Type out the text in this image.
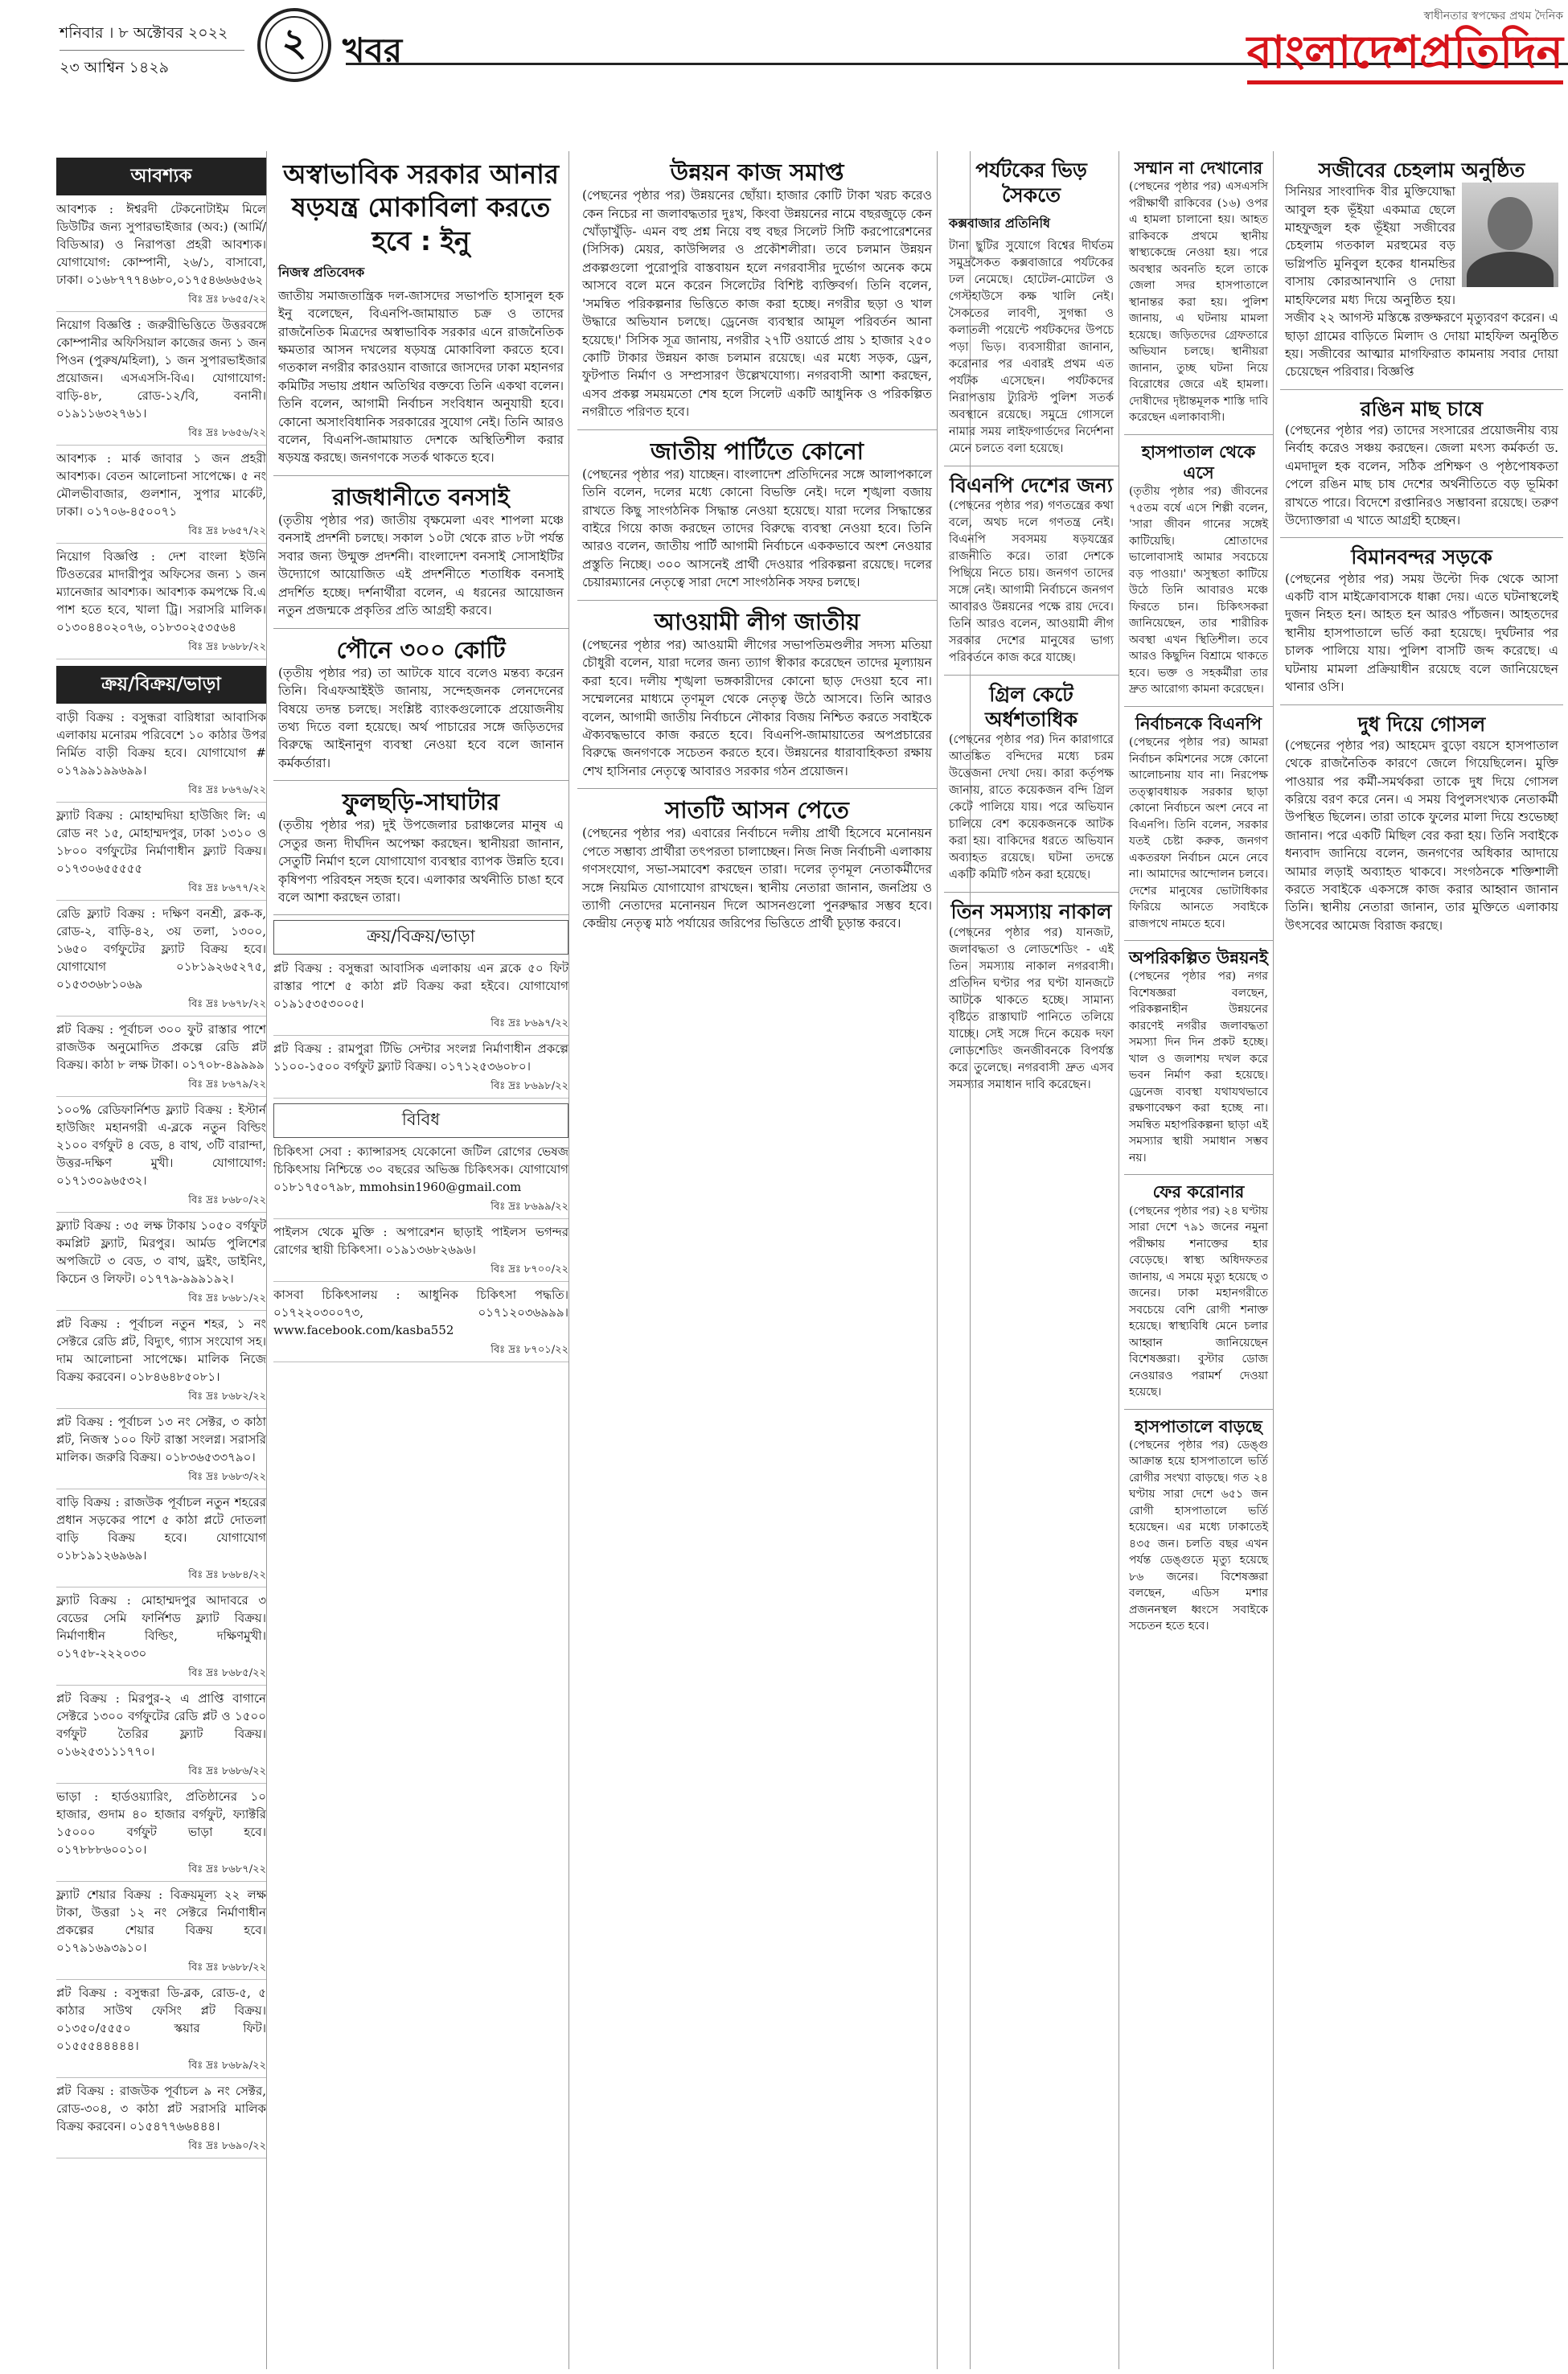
শনিবার । ৮ অক্টোবর ২০২২
২৩ আশ্বিন ১৪২৯
২	খবর
স্বাধীনতার স্বপক্ষের প্রথম দৈনিক
বাংলাদেশপ্রতিদিন
আবশ্যক
আবশ্যক : ঈশ্বরদী টেকনোটাইম মিলে ডিউটির জন্য সুপারভাইজার (অব:) (আর্মি/বিডিআর) ও নিরাপত্তা প্রহরী আবশ্যক। যোগাযোগ: কোম্পানী, ২৬/১, বাসাবো, ঢাকা। ০১৬৮৭৭৭৪৬৮০,০১৭৫৪৬৬৬৫৬২
বিঃ দ্রঃ ৮৬৫৫/২২
নিয়োগ বিজ্ঞপ্তি : জরুরীভিত্তিতে উত্তরবঙ্গে কোম্পানীর অফিসিয়াল কাজের জন্য ১ জন পিওন (পুরুষ/মহিলা), ১ জন সুপারভাইজার প্রয়োজন। এসএসসি-বিএ। যোগাযোগ: বাড়ি-৪৮, রোড-১২/বি, বনানী। ০১৯১১৬৩২৭৬১।
বিঃ দ্রঃ ৮৬৫৬/২২
আবশ্যক : মার্ক জাবার ১ জন প্রহরী আবশ্যক। বেতন আলোচনা সাপেক্ষে। ৫ নং মৌলভীবাজার, গুলশান, সুপার মার্কেট, ঢাকা। ০১৭০৬-৪৫০০৭১
বিঃ দ্রঃ ৮৬৫৭/২২
নিয়োগ বিজ্ঞপ্তি : দেশ বাংলা ইউনি টিওতরের মাদারীপুর অফিসের জন্য ১ জন ম্যানেজার আবশ্যক। আবশ্যক কমপক্ষে বি.এ পাশ হতে হবে, খালা ট্রি। সরাসরি মালিক। ০১৩০৪৪০২০৭৬, ০১৮৩০২৫৩৫৬৪
বিঃ দ্রঃ ৮৬৮৮/২২
ক্রয়/বিক্রয়/ভাড়া
বাড়ী বিক্রয় : বসুন্ধরা বারিধারা আবাসিক এলাকায় মনোরম পরিবেশে ১০ কাঠার উপর নির্মিত বাড়ী বিক্রয় হবে। যোগাযোগ # ০১৭৯৯১৯৯৬৯৯।
বিঃ দ্রঃ ৮৬৭৬/২২
ফ্ল্যাট বিক্রয় : মোহাম্মদিয়া হাউজিং লি: এ রোড নং ১৫, মোহাম্মদপুর, ঢাকা ১৩১০ ও ১৮০০ বর্গফুটের নির্মাণাধীন ফ্ল্যাট বিক্রয়। ০১৭৩০৬৫৫৫৫৫
বিঃ দ্রঃ ৮৬৭৭/২২
রেডি ফ্ল্যাট বিক্রয় : দক্ষিণ বনশ্রী, ব্লক-ক, রোড-২, বাড়ি-৪২, ৩য় তলা, ১৩০০, ১৬৫০ বর্গফুটের ফ্ল্যাট বিক্রয় হবে। যোগাযোগ ০১৮১৯২৬৫২৭৫, ০১৫৩৩৬৮১০৬৯
বিঃ দ্রঃ ৮৬৭৮/২২
প্লট বিক্রয় : পূর্বাচল ৩০০ ফুট রাস্তার পাশে রাজউক অনুমোদিত প্রকল্পে রেডি প্লট বিক্রয়। কাঠা ৮ লক্ষ টাকা। ০১৭০৮-৪৯৯৯৯
বিঃ দ্রঃ ৮৬৭৯/২২
১০০% রেডিফার্নিশড ফ্ল্যাট বিক্রয় : ইস্টার্ন হাউজিং মহানগরী এ-ব্লকে নতুন বিল্ডিং ২১০০ বর্গফুট ৪ বেড, ৪ বাথ, ৩টি বারান্দা, উত্তর-দক্ষিণ মুখী। যোগাযোগ: ০১৭১৩০৯৬৫৩২।
বিঃ দ্রঃ ৮৬৮০/২২
ফ্ল্যাট বিক্রয় : ৩৫ লক্ষ টাকায় ১০৫০ বর্গফুট কমপ্লিট ফ্ল্যাট, মিরপুর। আর্মড পুলিশের অপজিটে ৩ বেড, ৩ বাথ, ড্রইং, ডাইনিং, কিচেন ও লিফট। ০১৭৭৯-৯৯৯১৯২।
বিঃ দ্রঃ ৮৬৮১/২২
প্লট বিক্রয় : পূর্বাচল নতুন শহর, ১ নং সেক্টরে রেডি প্লট, বিদ্যুৎ, গ্যাস সংযোগ সহ। দাম আলোচনা সাপেক্ষে। মালিক নিজে বিক্রয় করবেন। ০১৮৪৬৪৮৫০৮১।
বিঃ দ্রঃ ৮৬৮২/২২
প্লট বিক্রয় : পূর্বাচল ১৩ নং সেক্টর, ৩ কাঠা প্লট, নিজস্ব ১০০ ফিট রাস্তা সংলগ্ন। সরাসরি মালিক। জরুরি বিক্রয়। ০১৮৩৬৫৩৩৭৯০।
বিঃ দ্রঃ ৮৬৮৩/২২
বাড়ি বিক্রয় : রাজউক পূর্বাচল নতুন শহরের প্রধান সড়কের পাশে ৫ কাঠা প্লটে দোতলা বাড়ি বিক্রয় হবে। যোগাযোগ ০১৮১৯১২৬৯৬৯।
বিঃ দ্রঃ ৮৬৮৪/২২
ফ্ল্যাট বিক্রয় : মোহাম্মদপুর আদাবরে ৩ বেডের সেমি ফার্নিশড ফ্ল্যাট বিক্রয়। নির্মাণাধীন বিল্ডিং, দক্ষিণমুখী। ০১৭৫৮-২২২০৩০
বিঃ দ্রঃ ৮৬৮৫/২২
প্লট বিক্রয় : মিরপুর-২ এ প্রাপ্তি বাগানে সেক্টরে ১৩০০ বর্গফুটের রেডি প্লট ও ১৫০০ বর্গফুট তৈরির ফ্ল্যাট বিক্রয়। ০১৬২৫৩১১১৭৭০।
বিঃ দ্রঃ ৮৬৮৬/২২
ভাড়া : হার্ডওয়্যারিং, প্রতিষ্ঠানের ১০ হাজার, গুদাম ৪০ হাজার বর্গফুট, ফ্যাক্টরি ১৫০০০ বর্গফুট ভাড়া হবে। ০১৭৮৮৮৬০০১০।
বিঃ দ্রঃ ৮৬৮৭/২২
ফ্ল্যাট শেয়ার বিক্রয় : বিক্রয়মূল্য ২২ লক্ষ টাকা, উত্তরা ১২ নং সেক্টরে নির্মাণাধীন প্রকল্পের শেয়ার বিক্রয় হবে। ০১৭৯১৬৯৩৯১০।
বিঃ দ্রঃ ৮৬৮৮/২২
প্লট বিক্রয় : বসুন্ধরা ডি-ব্লক, রোড-৫, ৫ কাঠার সাউথ ফেসিং প্লট বিক্রয়। ০১৩৫০/৫৫৫০ স্কয়ার ফিট। ০১৫৫৫৪৪৪৪৪।
বিঃ দ্রঃ ৮৬৮৯/২২
প্লট বিক্রয় : রাজউক পূর্বাচল ৯ নং সেক্টর, রোড-৩০৪, ৩ কাঠা প্লট সরাসরি মালিক বিক্রয় করবেন। ০১৫৪৭৭৬৬৪৪৪।
বিঃ দ্রঃ ৮৬৯০/২২
অস্বাভাবিক সরকার আনার ষড়যন্ত্র মোকাবিলা করতে হবে : ইনু
নিজস্ব প্রতিবেদক
জাতীয় সমাজতান্ত্রিক দল-জাসদের সভাপতি হাসানুল হক ইনু বলেছেন, বিএনপি-জামায়াত চক্র ও তাদের রাজনৈতিক মিত্রদের অস্বাভাবিক সরকার এনে রাজনৈতিক ক্ষমতার আসন দখলের ষড়যন্ত্র মোকাবিলা করতে হবে। গতকাল নগরীর কারওয়ান বাজারে জাসদের ঢাকা মহানগর কমিটির সভায় প্রধান অতিথির বক্তব্যে তিনি একথা বলেন। তিনি বলেন, আগামী নির্বাচন সংবিধান অনুযায়ী হবে। কোনো অসাংবিধানিক সরকারের সুযোগ নেই। তিনি আরও বলেন, বিএনপি-জামায়াত দেশকে অস্থিতিশীল করার ষড়যন্ত্র করছে। জনগণকে সতর্ক থাকতে হবে।
রাজধানীতে বনসাই
(তৃতীয় পৃষ্ঠার পর) জাতীয় বৃক্ষমেলা এবং শাপলা মঞ্চে বনসাই প্রদর্শনী চলছে। সকাল ১০টা থেকে রাত ৮টা পর্যন্ত সবার জন্য উন্মুক্ত প্রদর্শনী। বাংলাদেশ বনসাই সোসাইটির উদ্যোগে আয়োজিত এই প্রদর্শনীতে শতাধিক বনসাই প্রদর্শিত হচ্ছে। দর্শনার্থীরা বলেন, এ ধরনের আয়োজন নতুন প্রজন্মকে প্রকৃতির প্রতি আগ্রহী করবে।
পৌনে ৩০০ কোটি
(তৃতীয় পৃষ্ঠার পর) তা আটকে যাবে বলেও মন্তব্য করেন তিনি। বিএফআইইউ জানায়, সন্দেহজনক লেনদেনের বিষয়ে তদন্ত চলছে। সংশ্লিষ্ট ব্যাংকগুলোকে প্রয়োজনীয় তথ্য দিতে বলা হয়েছে। অর্থ পাচারের সঙ্গে জড়িতদের বিরুদ্ধে আইনানুগ ব্যবস্থা নেওয়া হবে বলে জানান কর্মকর্তারা।
ফুলছড়ি-সাঘাটার
(তৃতীয় পৃষ্ঠার পর) দুই উপজেলার চরাঞ্চলের মানুষ এ সেতুর জন্য দীর্ঘদিন অপেক্ষা করছেন। স্থানীয়রা জানান, সেতুটি নির্মাণ হলে যোগাযোগ ব্যবস্থার ব্যাপক উন্নতি হবে। কৃষিপণ্য পরিবহন সহজ হবে। এলাকার অর্থনীতি চাঙা হবে বলে আশা করছেন তারা।
ক্রয়/বিক্রয়/ভাড়া
প্লট বিক্রয় : বসুন্ধরা আবাসিক এলাকায় এন ব্লকে ৫০ ফিট রাস্তার পাশে ৫ কাঠা প্লট বিক্রয় করা হইবে। যোগাযোগ ০১৯১৫৩৫৩০০৫।
বিঃ দ্রঃ ৮৬৯৭/২২
প্লট বিক্রয় : রামপুরা টিভি সেন্টার সংলগ্ন নির্মাণাধীন প্রকল্পে ১১০০-১৫০০ বর্গফুট ফ্ল্যাট বিক্রয়। ০১৭১২৫৩৬০৮০।
বিঃ দ্রঃ ৮৬৯৮/২২
বিবিধ
চিকিৎসা সেবা : ক্যান্সারসহ যেকোনো জটিল রোগের ভেষজ চিকিৎসায় নিশ্চিন্তে ৩০ বছরের অভিজ্ঞ চিকিৎসক। যোগাযোগ ০১৮১৭৫০৭৯৮, mmohsin1960@gmail.com
বিঃ দ্রঃ ৮৬৯৯/২২
পাইলস থেকে মুক্তি : অপারেশন ছাড়াই পাইলস ভগন্দর রোগের স্থায়ী চিকিৎসা। ০১৯১৩৬৮২৬৯৬।
বিঃ দ্রঃ ৮৭০০/২২
কাসবা চিকিৎসালয় : আধুনিক চিকিৎসা পদ্ধতি। ০১৭২২০৩০০৭৩, ০১৭১২০৩৬৯৯৯। www.facebook.com/kasba552
বিঃ দ্রঃ ৮৭০১/২২
উন্নয়ন কাজ সমাপ্ত
(পেছনের পৃষ্ঠার পর) উন্নয়নের ছোঁয়া। হাজার কোটি টাকা খরচ করেও কেন নিচের না জলাবদ্ধতার দুঃখ, কিংবা উন্নয়নের নামে বছরজুড়ে কেন খোঁড়াখুঁড়ি- এমন বহু প্রশ্ন নিয়ে বহু বছর সিলেট সিটি করপোরেশনের (সিসিক) মেয়র, কাউন্সিলর ও প্রকৌশলীরা। তবে চলমান উন্নয়ন প্রকল্পগুলো পুরোপুরি বাস্তবায়ন হলে নগরবাসীর দুর্ভোগ অনেক কমে আসবে বলে মনে করেন সিলেটের বিশিষ্ট ব্যক্তিবর্গ। তিনি বলেন, 'সমন্বিত পরিকল্পনার ভিত্তিতে কাজ করা হচ্ছে। নগরীর ছড়া ও খাল উদ্ধারে অভিযান চলছে। ড্রেনেজ ব্যবস্থার আমূল পরিবর্তন আনা হয়েছে।' সিসিক সূত্র জানায়, নগরীর ২৭টি ওয়ার্ডে প্রায় ১ হাজার ২৫০ কোটি টাকার উন্নয়ন কাজ চলমান রয়েছে। এর মধ্যে সড়ক, ড্রেন, ফুটপাত নির্মাণ ও সম্প্রসারণ উল্লেখযোগ্য। নগরবাসী আশা করছেন, এসব প্রকল্প সময়মতো শেষ হলে সিলেট একটি আধুনিক ও পরিকল্পিত নগরীতে পরিণত হবে।
জাতীয় পার্টিতে কোনো
(পেছনের পৃষ্ঠার পর) যাচ্ছেন। বাংলাদেশ প্রতিদিনের সঙ্গে আলাপকালে তিনি বলেন, দলের মধ্যে কোনো বিভক্তি নেই। দলে শৃঙ্খলা বজায় রাখতে কিছু সাংগঠনিক সিদ্ধান্ত নেওয়া হয়েছে। যারা দলের সিদ্ধান্তের বাইরে গিয়ে কাজ করছেন তাদের বিরুদ্ধে ব্যবস্থা নেওয়া হবে। তিনি আরও বলেন, জাতীয় পার্টি আগামী নির্বাচনে এককভাবে অংশ নেওয়ার প্রস্তুতি নিচ্ছে। ৩০০ আসনেই প্রার্থী দেওয়ার পরিকল্পনা রয়েছে। দলের চেয়ারম্যানের নেতৃত্বে সারা দেশে সাংগঠনিক সফর চলছে।
আওয়ামী লীগ জাতীয়
(পেছনের পৃষ্ঠার পর) আওয়ামী লীগের সভাপতিমণ্ডলীর সদস্য মতিয়া চৌধুরী বলেন, যারা দলের জন্য ত্যাগ স্বীকার করেছেন তাদের মূল্যায়ন করা হবে। দলীয় শৃঙ্খলা ভঙ্গকারীদের কোনো ছাড় দেওয়া হবে না। সম্মেলনের মাধ্যমে তৃণমূল থেকে নেতৃত্ব উঠে আসবে। তিনি আরও বলেন, আগামী জাতীয় নির্বাচনে নৌকার বিজয় নিশ্চিত করতে সবাইকে ঐক্যবদ্ধভাবে কাজ করতে হবে। বিএনপি-জামায়াতের অপপ্রচারের বিরুদ্ধে জনগণকে সচেতন করতে হবে। উন্নয়নের ধারাবাহিকতা রক্ষায় শেখ হাসিনার নেতৃত্বে আবারও সরকার গঠন প্রয়োজন।
সাতটি আসন পেতে
(পেছনের পৃষ্ঠার পর) এবারের নির্বাচনে দলীয় প্রার্থী হিসেবে মনোনয়ন পেতে সম্ভাব্য প্রার্থীরা তৎপরতা চালাচ্ছেন। নিজ নিজ নির্বাচনী এলাকায় গণসংযোগ, সভা-সমাবেশ করছেন তারা। দলের তৃণমূল নেতাকর্মীদের সঙ্গে নিয়মিত যোগাযোগ রাখছেন। স্থানীয় নেতারা জানান, জনপ্রিয় ও ত্যাগী নেতাদের মনোনয়ন দিলে আসনগুলো পুনরুদ্ধার সম্ভব হবে। কেন্দ্রীয় নেতৃত্ব মাঠ পর্যায়ের জরিপের ভিত্তিতে প্রার্থী চূড়ান্ত করবে।
সজীবের চেহলাম অনুষ্ঠিত
সিনিয়র সাংবাদিক বীর মুক্তিযোদ্ধা আবুল হক ভূঁইয়া একমাত্র ছেলে মাহফুজুল হক ভূঁইয়া সজীবের চেহলাম গতকাল মরহুমের বড় ভগ্নিপতি মুনিবুল হকের ধানমন্ডির বাসায় কোরআনখানি ও দোয়া মাহফিলের মধ্য দিয়ে অনুষ্ঠিত হয়। সজীব ২২ আগস্ট মস্তিষ্কে রক্তক্ষরণে মৃত্যুবরণ করেন। এ ছাড়া গ্রামের বাড়িতে মিলাদ ও দোয়া মাহফিল অনুষ্ঠিত হয়। সজীবের আত্মার মাগফিরাত কামনায় সবার দোয়া চেয়েছেন পরিবার। বিজ্ঞপ্তি
রঙিন মাছ চাষে
(পেছনের পৃষ্ঠার পর) তাদের সংসারের প্রয়োজনীয় ব্যয় নির্বাহ করেও সঞ্চয় করছেন। জেলা মৎস্য কর্মকর্তা ড. এমদাদুল হক বলেন, সঠিক প্রশিক্ষণ ও পৃষ্ঠপোষকতা পেলে রঙিন মাছ চাষ দেশের অর্থনীতিতে বড় ভূমিকা রাখতে পারে। বিদেশে রপ্তানিরও সম্ভাবনা রয়েছে। তরুণ উদ্যোক্তারা এ খাতে আগ্রহী হচ্ছেন।
বিমানবন্দর সড়কে
(পেছনের পৃষ্ঠার পর) সময় উল্টো দিক থেকে আসা একটি বাস মাইক্রোবাসকে ধাক্কা দেয়। এতে ঘটনাস্থলেই দুজন নিহত হন। আহত হন আরও পাঁচজন। আহতদের স্থানীয় হাসপাতালে ভর্তি করা হয়েছে। দুর্ঘটনার পর চালক পালিয়ে যায়। পুলিশ বাসটি জব্দ করেছে। এ ঘটনায় মামলা প্রক্রিয়াধীন রয়েছে বলে জানিয়েছেন থানার ওসি।
দুধ দিয়ে গোসল
(পেছনের পৃষ্ঠার পর) আহমেদ বুড়ো বয়সে হাসপাতাল থেকে রাজনৈতিক কারণে জেলে গিয়েছিলেন। মুক্তি পাওয়ার পর কর্মী-সমর্থকরা তাকে দুধ দিয়ে গোসল করিয়ে বরণ করে নেন। এ সময় বিপুলসংখ্যক নেতাকর্মী উপস্থিত ছিলেন। তারা তাকে ফুলের মালা দিয়ে শুভেচ্ছা জানান। পরে একটি মিছিল বের করা হয়। তিনি সবাইকে ধন্যবাদ জানিয়ে বলেন, জনগণের অধিকার আদায়ে আমার লড়াই অব্যাহত থাকবে। সংগঠনকে শক্তিশালী করতে সবাইকে একসঙ্গে কাজ করার আহ্বান জানান তিনি। স্থানীয় নেতারা জানান, তার মুক্তিতে এলাকায় উৎসবের আমেজ বিরাজ করছে।
পর্যটকের ভিড় সৈকতে
কক্সবাজার প্রতিনিধি
টানা ছুটির সুযোগে বিশ্বের দীর্ঘতম সমুদ্রসৈকত কক্সবাজারে পর্যটকের ঢল নেমেছে। হোটেল-মোটেল ও গেস্টহাউসে কক্ষ খালি নেই। সৈকতের লাবণী, সুগন্ধা ও কলাতলী পয়েন্টে পর্যটকদের উপচে পড়া ভিড়। ব্যবসায়ীরা জানান, করোনার পর এবারই প্রথম এত পর্যটক এসেছেন। পর্যটকদের নিরাপত্তায় ট্যুরিস্ট পুলিশ সতর্ক অবস্থানে রয়েছে। সমুদ্রে গোসলে নামার সময় লাইফগার্ডদের নির্দেশনা মেনে চলতে বলা হয়েছে।
বিএনপি দেশের জন্য
(পেছনের পৃষ্ঠার পর) গণতন্ত্রের কথা বলে, অথচ দলে গণতন্ত্র নেই। বিএনপি সবসময় ষড়যন্ত্রের রাজনীতি করে। তারা দেশকে পিছিয়ে নিতে চায়। জনগণ তাদের সঙ্গে নেই। আগামী নির্বাচনে জনগণ আবারও উন্নয়নের পক্ষে রায় দেবে। তিনি আরও বলেন, আওয়ামী লীগ সরকার দেশের মানুষের ভাগ্য পরিবর্তনে কাজ করে যাচ্ছে।
গ্রিল কেটে অর্ধশতাধিক
(পেছনের পৃষ্ঠার পর) দিন কারাগারে আতঙ্কিত বন্দিদের মধ্যে চরম উত্তেজনা দেখা দেয়। কারা কর্তৃপক্ষ জানায়, রাতে কয়েকজন বন্দি গ্রিল কেটে পালিয়ে যায়। পরে অভিযান চালিয়ে বেশ কয়েকজনকে আটক করা হয়। বাকিদের ধরতে অভিযান অব্যাহত রয়েছে। ঘটনা তদন্তে একটি কমিটি গঠন করা হয়েছে।
তিন সমস্যায় নাকাল
(পেছনের পৃষ্ঠার পর) যানজট, জলাবদ্ধতা ও লোডশেডিং - এই তিন সমস্যায় নাকাল নগরবাসী। প্রতিদিন ঘণ্টার পর ঘণ্টা যানজটে আটকে থাকতে হচ্ছে। সামান্য বৃষ্টিতে রাস্তাঘাট পানিতে তলিয়ে যাচ্ছে। সেই সঙ্গে দিনে কয়েক দফা লোডশেডিং জনজীবনকে বিপর্যস্ত করে তুলেছে। নগরবাসী দ্রুত এসব সমস্যার সমাধান দাবি করেছেন।
সম্মান না দেখানোর
(পেছনের পৃষ্ঠার পর) এসএসসি পরীক্ষার্থী রাকিবের (১৬) ওপর এ হামলা চালানো হয়। আহত রাকিবকে প্রথমে স্থানীয় স্বাস্থ্যকেন্দ্রে নেওয়া হয়। পরে অবস্থার অবনতি হলে তাকে জেলা সদর হাসপাতালে স্থানান্তর করা হয়। পুলিশ জানায়, এ ঘটনায় মামলা হয়েছে। জড়িতদের গ্রেফতারে অভিযান চলছে। স্থানীয়রা জানান, তুচ্ছ ঘটনা নিয়ে বিরোধের জেরে এই হামলা। দোষীদের দৃষ্টান্তমূলক শাস্তি দাবি করেছেন এলাকাবাসী।
হাসপাতাল থেকে এসে
(তৃতীয় পৃষ্ঠার পর) জীবনের ৭৫তম বর্ষে এসে শিল্পী বলেন, 'সারা জীবন গানের সঙ্গেই কাটিয়েছি। শ্রোতাদের ভালোবাসাই আমার সবচেয়ে বড় পাওয়া।' অসুস্থতা কাটিয়ে উঠে তিনি আবারও মঞ্চে ফিরতে চান। চিকিৎসকরা জানিয়েছেন, তার শারীরিক অবস্থা এখন স্থিতিশীল। তবে আরও কিছুদিন বিশ্রামে থাকতে হবে। ভক্ত ও সহকর্মীরা তার দ্রুত আরোগ্য কামনা করেছেন।
নির্বাচনকে বিএনপি
(পেছনের পৃষ্ঠার পর) আমরা নির্বাচন কমিশনের সঙ্গে কোনো আলোচনায় যাব না। নিরপেক্ষ তত্ত্বাবধায়ক সরকার ছাড়া কোনো নির্বাচনে অংশ নেবে না বিএনপি। তিনি বলেন, সরকার যতই চেষ্টা করুক, জনগণ একতরফা নির্বাচন মেনে নেবে না। আমাদের আন্দোলন চলবে। দেশের মানুষের ভোটাধিকার ফিরিয়ে আনতে সবাইকে রাজপথে নামতে হবে।
অপরিকল্পিত উন্নয়নই
(পেছনের পৃষ্ঠার পর) নগর বিশেষজ্ঞরা বলছেন, পরিকল্পনাহীন উন্নয়নের কারণেই নগরীর জলাবদ্ধতা সমস্যা দিন দিন প্রকট হচ্ছে। খাল ও জলাশয় দখল করে ভবন নির্মাণ করা হয়েছে। ড্রেনেজ ব্যবস্থা যথাযথভাবে রক্ষণাবেক্ষণ করা হচ্ছে না। সমন্বিত মহাপরিকল্পনা ছাড়া এই সমস্যার স্থায়ী সমাধান সম্ভব নয়।
ফের করোনার
(পেছনের পৃষ্ঠার পর) ২৪ ঘণ্টায় সারা দেশে ৭৯১ জনের নমুনা পরীক্ষায় শনাক্তের হার বেড়েছে। স্বাস্থ্য অধিদফতর জানায়, এ সময়ে মৃত্যু হয়েছে ৩ জনের। ঢাকা মহানগরীতে সবচেয়ে বেশি রোগী শনাক্ত হয়েছে। স্বাস্থ্যবিধি মেনে চলার আহ্বান জানিয়েছেন বিশেষজ্ঞরা। বুস্টার ডোজ নেওয়ারও পরামর্শ দেওয়া হয়েছে।
হাসপাতালে বাড়ছে
(পেছনের পৃষ্ঠার পর) ডেঙ্গু আক্রান্ত হয়ে হাসপাতালে ভর্তি রোগীর সংখ্যা বাড়ছে। গত ২৪ ঘণ্টায় সারা দেশে ৬৫১ জন রোগী হাসপাতালে ভর্তি হয়েছেন। এর মধ্যে ঢাকাতেই ৪৩৫ জন। চলতি বছর এখন পর্যন্ত ডেঙ্গুতে মৃত্যু হয়েছে ৮৬ জনের। বিশেষজ্ঞরা বলছেন, এডিস মশার প্রজননস্থল ধ্বংসে সবাইকে সচেতন হতে হবে।
